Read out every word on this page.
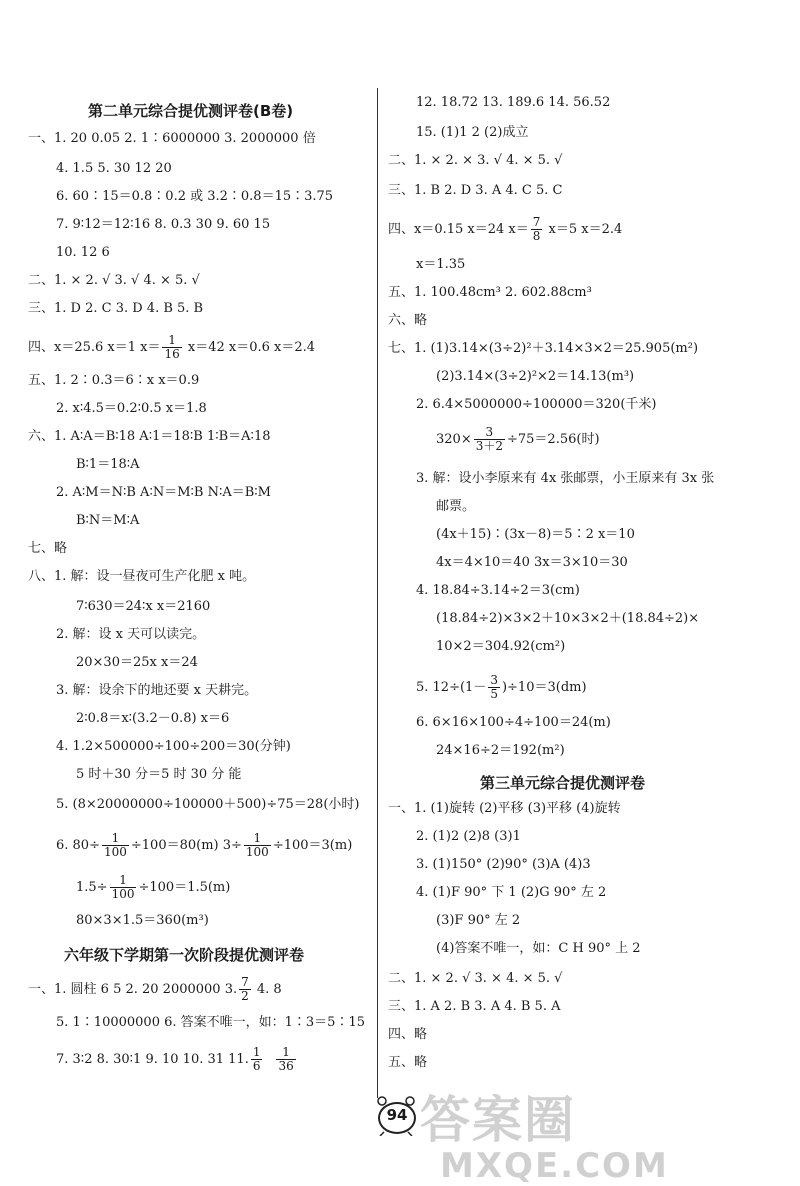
第二单元综合提优测评卷(B卷)
一、1. 20 0.05 2. 1∶6000000 3. 2000000 倍
4. 1.5 5. 30 12 20
6. 60∶15＝0.8∶0.2 或 3.2∶0.8＝15∶3.75
7. 9∶12＝12∶16 8. 0.3 30 9. 60 15
10. 12 6
二、1. × 2. √ 3. √ 4. × 5. √
三、1. D 2. C 3. D 4. B 5. B
四、x＝25.6 x＝1 $x= \frac{1}{16} x=42$ x＝0.6 x＝2.4
五、1. 2∶0.3＝6∶x x＝0.9
2. x∶4.5＝0.2∶0.5 x＝1.8
六、1. A∶A＝B∶18 A∶1＝18∶B 1∶B＝A∶18
B∶1＝18∶A
2. A∶M＝N∶B A∶N＝M∶B N∶A＝B∶M
B∶N＝M∶A
七、略
八、1. 解：设一昼夜可生产化肥 x 吨。
7∶630＝24∶x x＝2160
2. 解：设 x 天可以读完。
20×30＝25x x＝24
3. 解：设余下的地还要 x 天耕完。
2∶0.8＝x∶(3.2－0.8) x＝6
4. 1.2×500000÷100÷200＝30(分钟)
5 时＋30 分＝5 时 30 分 能
5. (8×20000000÷100000＋500)÷75＝28(小时)
6. $80\div \frac{1}{100} \div 100=80(m)$ $3\div \frac{1}{100} \div 100=3(m)$
$1.5\div \frac{1}{100} \div 100=1.5(m)$
80×3×1.5＝360(m³)
六年级下学期第一次阶段提优测评卷
一、1. 圆柱 6 5 2. 20 2000000 3. $\frac{7}{2} 4$. 8
5. 1∶10000000 6. 答案不唯一，如：1∶3＝5∶15
7. 3∶2 8. 30∶1 9. 10 10. 31 11. $\frac{1}{6} \frac{1}{36}$
12. 18.72 13. 189.6 14. 56.52
15. (1)1 2 (2)成立
二、1. × 2. × 3. √ 4. × 5. √
三、1. B 2. D 3. A 4. C 5. C
四、x＝0.15 x＝24 $x= \frac{7}{8} x=5$ x＝2.4
x＝1.35
五、1. 100.48cm³ 2. 602.88cm³
六、略
七、1. (1)3.14×(3÷2)²＋3.14×3×2＝25.905(m²)
(2)3.14×(3÷2)²×2＝14.13(m³)
2. 6.4×5000000÷100000＝320(千米)
$320\times \frac{3}{3+2} \div 75=2.56$(时)
3. 解：设小李原来有 4x 张邮票，小王原来有 3x 张
邮票。
(4x＋15)∶(3x－8)＝5∶2 x＝10
4x＝4×10＝40 3x＝3×10＝30
4. 18.84÷3.14÷2＝3(cm)
(18.84÷2)×3×2＋10×3×2＋(18.84÷2)×
10×2＝304.92(cm²)
5. $12\div(1- \frac{3}{5} )\div 10=3(dm)$
6. 6×16×100÷4÷100＝24(m)
24×16÷2＝192(m²)
第三单元综合提优测评卷
一、1. (1)旋转 (2)平移 (3)平移 (4)旋转
2. (1)2 (2)8 (3)1
3. (1)150° (2)90° (3)A (4)3
4. (1)F 90° 下 1 (2)G 90° 左 2
(3)F 90° 左 2
(4)答案不唯一，如：C H 90° 上 2
二、1. × 2. √ 3. × 4. × 5. √
三、1. A 2. B 3. A 4. B 5. A
四、略
五、略
94 答案圈
MXQE.COM
